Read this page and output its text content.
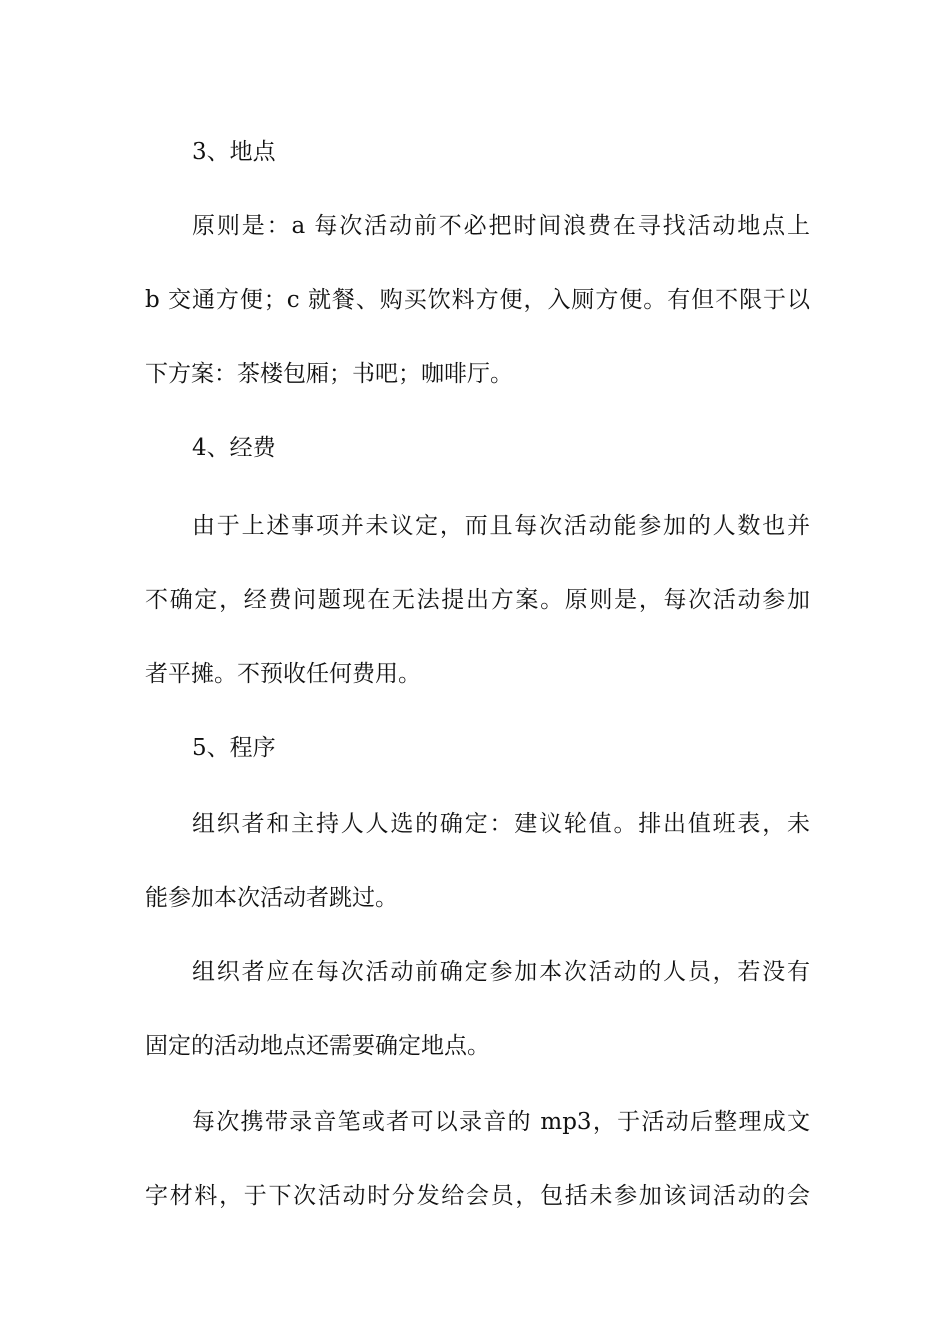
3、地点
原则是：a 每次活动前不必把时间浪费在寻找活动地点上
b 交通方便；c 就餐、购买饮料方便，入厕方便。有但不限于以
下方案：茶楼包厢；书吧；咖啡厅。
4、经费
由于上述事项并未议定，而且每次活动能参加的人数也并
不确定，经费问题现在无法提出方案。原则是，每次活动参加
者平摊。不预收任何费用。
5、程序
组织者和主持人人选的确定：建议轮值。排出值班表，未
能参加本次活动者跳过。
组织者应在每次活动前确定参加本次活动的人员，若没有
固定的活动地点还需要确定地点。
每次携带录音笔或者可以录音的 mp3，于活动后整理成文
字材料，于下次活动时分发给会员，包括未参加该词活动的会
